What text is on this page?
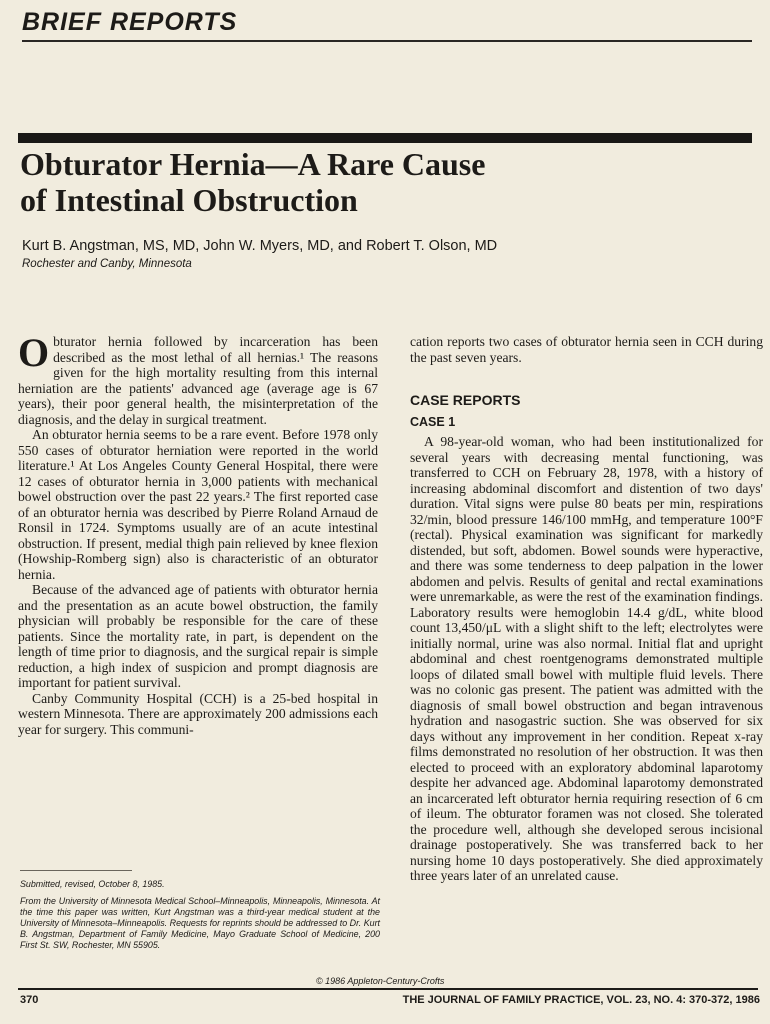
BRIEF REPORTS
Obturator Hernia—A Rare Cause
of Intestinal Obstruction
Kurt B. Angstman, MS, MD, John W. Myers, MD, and Robert T. Olson, MD
Rochester and Canby, Minnesota

Obturator hernia followed by incarceration has been described as the most lethal of all hernias.¹ The reasons given for the high mortality resulting from this internal herniation are the patients' advanced age (average age is 67 years), their poor general health, the misinterpretation of the diagnosis, and the delay in surgical treatment.

An obturator hernia seems to be a rare event. Before 1978 only 550 cases of obturator herniation were reported in the world literature.¹ At Los Angeles County General Hospital, there were 12 cases of obturator hernia in 3,000 patients with mechanical bowel obstruction over the past 22 years.² The first reported case of an obturator hernia was described by Pierre Roland Arnaud de Ronsil in 1724. Symptoms usually are of an acute intestinal obstruction. If present, medial thigh pain relieved by knee flexion (Howship-Romberg sign) also is characteristic of an obturator hernia.

Because of the advanced age of patients with obturator hernia and the presentation as an acute bowel obstruction, the family physician will probably be responsible for the care of these patients. Since the mortality rate, in part, is dependent on the length of time prior to diagnosis, and the surgical repair is simple reduction, a high index of suspicion and prompt diagnosis are important for patient survival.

Canby Community Hospital (CCH) is a 25-bed hospital in western Minnesota. There are approximately 200 admissions each year for surgery. This communi-

cation reports two cases of obturator hernia seen in CCH during the past seven years.

CASE REPORTS
CASE 1

A 98-year-old woman, who had been institutionalized for several years with decreasing mental functioning, was transferred to CCH on February 28, 1978, with a history of increasing abdominal discomfort and distention of two days' duration. Vital signs were pulse 80 beats per min, respirations 32/min, blood pressure 146/100 mmHg, and temperature 100°F (rectal). Physical examination was significant for markedly distended, but soft, abdomen. Bowel sounds were hyperactive, and there was some tenderness to deep palpation in the lower abdomen and pelvis. Results of genital and rectal examinations were unremarkable, as were the rest of the examination findings. Laboratory results were hemoglobin 14.4 g/dL, white blood count 13,450/μL with a slight shift to the left; electrolytes were initially normal, urine was also normal. Initial flat and upright abdominal and chest roentgenograms demonstrated multiple loops of dilated small bowel with multiple fluid levels. There was no colonic gas present. The patient was admitted with the diagnosis of small bowel obstruction and began intravenous hydration and nasogastric suction. She was observed for six days without any improvement in her condition. Repeat x-ray films demonstrated no resolution of her obstruction. It was then elected to proceed with an exploratory abdominal laparotomy despite her advanced age. Abdominal laparotomy demonstrated an incarcerated left obturator hernia requiring resection of 6 cm of ileum. The obturator foramen was not closed. She tolerated the procedure well, although she developed serous incisional drainage postoperatively. She was transferred back to her nursing home 10 days postoperatively. She died approximately three years later of an unrelated cause.

Submitted, revised, October 8, 1985.
From the University of Minnesota Medical School–Minneapolis, Minneapolis, Minnesota. At the time this paper was written, Kurt Angstman was a third-year medical student at the University of Minnesota–Minneapolis. Requests for reprints should be addressed to Dr. Kurt B. Angstman, Department of Family Medicine, Mayo Graduate School of Medicine, 200 First St. SW, Rochester, MN 55905.
© 1986 Appleton-Century-Crofts
370	THE JOURNAL OF FAMILY PRACTICE, VOL. 23, NO. 4: 370-372, 1986
